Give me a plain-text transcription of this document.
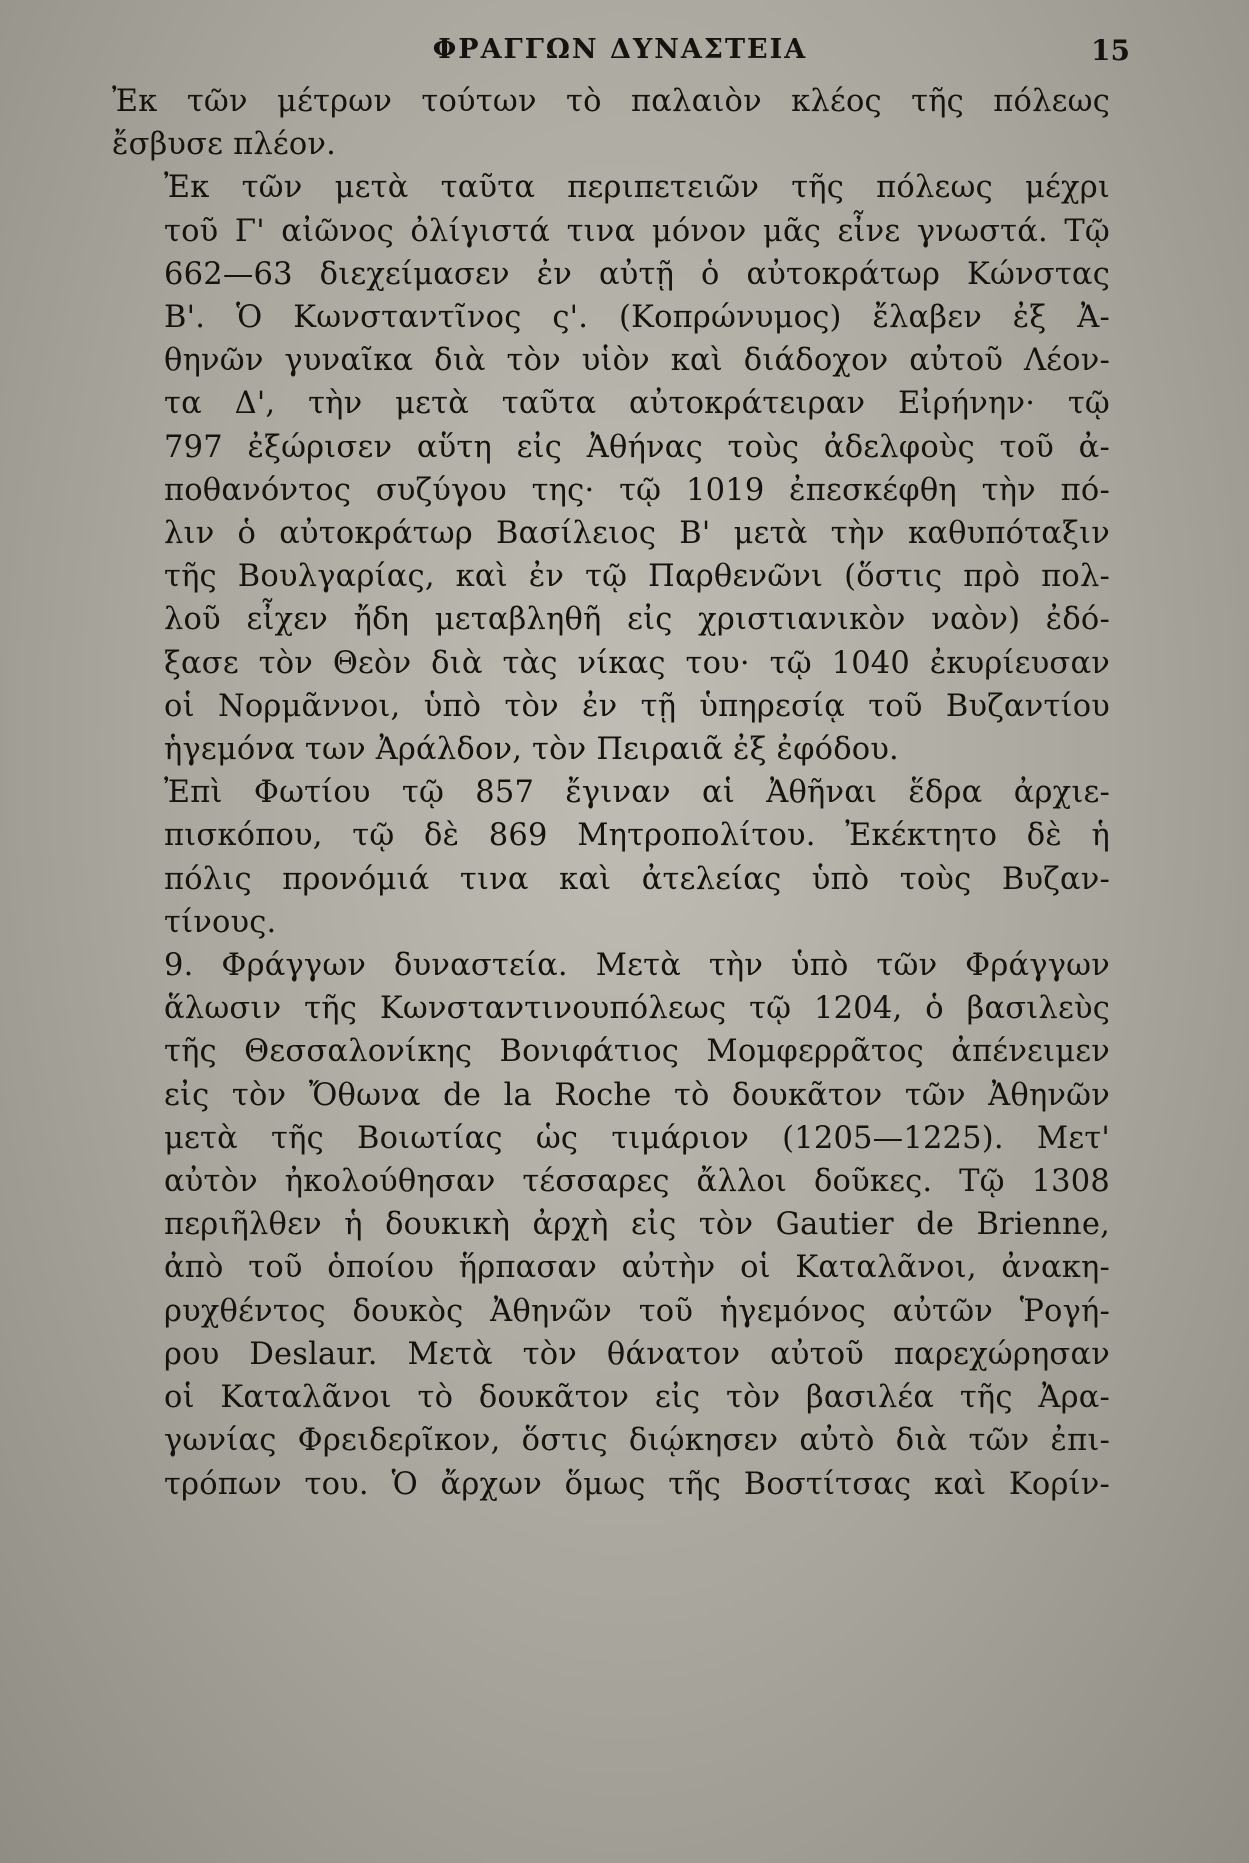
ΦΡΑΓΓΩΝ ΔΥΝΑΣΤΕΙΑ	15

Ἐκ τῶν μέτρων τούτων τὸ παλαιὸν κλέος τῆς πόλεως
ἔσβυσε πλέον.

Ἐκ τῶν μετὰ ταῦτα περιπετειῶν τῆς πόλεως μέχρι
τοῦ Γ' αἰῶνος ὀλίγιστά τινα μόνον μᾶς εἶνε γνωστά. Τῷ
662—63 διεχείμασεν ἐν αὐτῇ ὁ αὐτοκράτωρ Κώνστας
Β'. Ὁ Κωνσταντῖνος ς'. (Κοπρώνυμος) ἔλαβεν ἐξ Ἀ-
θηνῶν γυναῖκα διὰ τὸν υἱὸν καὶ διάδοχον αὐτοῦ Λέον-
τα Δ', τὴν μετὰ ταῦτα αὐτοκράτειραν Εἰρήνην· τῷ
797 ἐξώρισεν αὕτη εἰς Ἀθήνας τοὺς ἀδελφοὺς τοῦ ἀ-
ποθανόντος συζύγου της· τῷ 1019 ἐπεσκέφθη τὴν πό-
λιν ὁ αὐτοκράτωρ Βασίλειος Β' μετὰ τὴν καθυπόταξιν
τῆς Βουλγαρίας, καὶ ἐν τῷ Παρθενῶνι (ὅστις πρὸ πολ-
λοῦ εἶχεν ἤδη μεταβληθῆ εἰς χριστιανικὸν ναὸν) ἐδό-
ξασε τὸν Θεὸν διὰ τὰς νίκας του· τῷ 1040 ἐκυρίευσαν
οἱ Νορμᾶννοι, ὑπὸ τὸν ἐν τῇ ὑπηρεσίᾳ τοῦ Βυζαντίου
ἡγεμόνα των Ἀράλδον, τὸν Πειραιᾶ ἐξ ἐφόδου.

Ἐπὶ Φωτίου τῷ 857 ἔγιναν αἱ Ἀθῆναι ἕδρα ἀρχιε-
πισκόπου, τῷ δὲ 869 Μητροπολίτου. Ἐκέκτητο δὲ ἡ
πόλις προνόμιά τινα καὶ ἀτελείας ὑπὸ τοὺς Βυζαν-
τίνους.

9. Φράγγων δυναστεία. Μετὰ τὴν ὑπὸ τῶν Φράγγων
ἅλωσιν τῆς Κωνσταντινουπόλεως τῷ 1204, ὁ βασιλεὺς
τῆς Θεσσαλονίκης Βονιφάτιος Μομφερρᾶτος ἀπένειμεν
εἰς τὸν Ὄθωνα de la Roche τὸ δουκᾶτον τῶν Ἀθηνῶν
μετὰ τῆς Βοιωτίας ὡς τιμάριον (1205—1225). Μετ'
αὐτὸν ἠκολούθησαν τέσσαρες ἄλλοι δοῦκες. Τῷ 1308
περιῆλθεν ἡ δουκικὴ ἀρχὴ εἰς τὸν Gautier de Brienne,
ἀπὸ τοῦ ὁποίου ἥρπασαν αὐτὴν οἱ Καταλᾶνοι, ἀνακη-
ρυχθέντος δουκὸς Ἀθηνῶν τοῦ ἡγεμόνος αὐτῶν Ῥογή-
ρου Deslaur. Μετὰ τὸν θάνατον αὐτοῦ παρεχώρησαν
οἱ Καταλᾶνοι τὸ δουκᾶτον εἰς τὸν βασιλέα τῆς Ἀρα-
γωνίας Φρειδερῖκον, ὅστις διῴκησεν αὐτὸ διὰ τῶν ἐπι-
τρόπων του. Ὁ ἄρχων ὅμως τῆς Βοστίτσας καὶ Κορίν-
